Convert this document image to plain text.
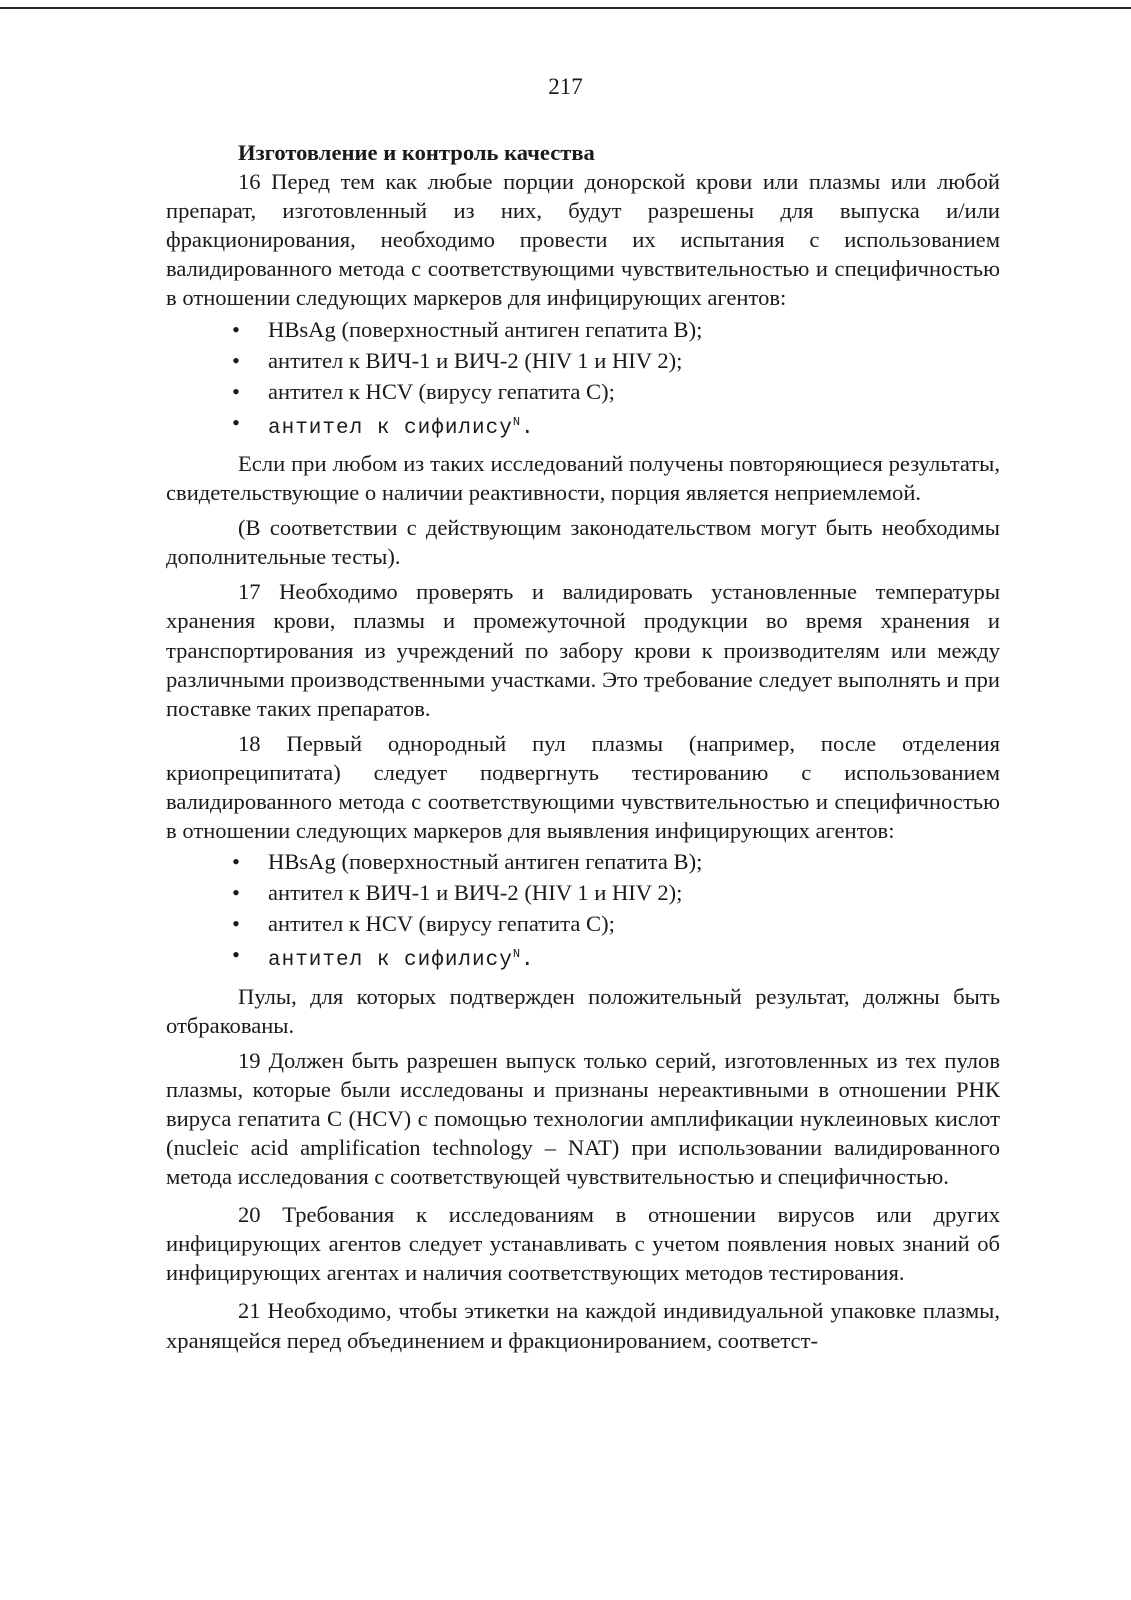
217
Изготовление и контроль качества

16 Перед тем как любые порции донорской крови или плазмы или любой препарат, изготовленный из них, будут разрешены для выпуска и/или фракционирования, необходимо провести их испытания с использованием валидированного метода с соответствующими чувствительностью и специфичностью в отношении следующих маркеров для инфицирующих агентов:

• HBsAg (поверхностный антиген гепатита В);
• антител к ВИЧ-1 и ВИЧ-2 (HIV 1 и HIV 2);
• антител к HCV (вирусу гепатита С);
• антител к сифилису$^N$.

Если при любом из таких исследований получены повторяющиеся результаты, свидетельствующие о наличии реактивности, порция является неприемлемой.

(В соответствии с действующим законодательством могут быть необходимы дополнительные тесты).

17 Необходимо проверять и валидировать установленные температуры хранения крови, плазмы и промежуточной продукции во время хранения и транспортирования из учреждений по забору крови к производителям или между различными производственными участками. Это требование следует выполнять и при поставке таких препаратов.

18 Первый однородный пул плазмы (например, после отделения криопреципитата) следует подвергнуть тестированию с использованием валидированного метода с соответствующими чувствительностью и специфичностью в отношении следующих маркеров для выявления инфицирующих агентов:

• HBsAg (поверхностный антиген гепатита В);
• антител к ВИЧ-1 и ВИЧ-2 (HIV 1 и HIV 2);
• антител к HCV (вирусу гепатита С);
• антител к сифилису$^N$.

Пулы, для которых подтвержден положительный результат, должны быть отбракованы.

19 Должен быть разрешен выпуск только серий, изготовленных из тех пулов плазмы, которые были исследованы и признаны нереактивными в отношении РНК вируса гепатита С (HCV) с помощью технологии амплификации нуклеиновых кислот (nucleic acid amplification technology – NAT) при использовании валидированного метода исследования с соответствующей чувствительностью и специфичностью.

20 Требования к исследованиям в отношении вирусов или других инфицирующих агентов следует устанавливать с учетом появления новых знаний об инфицирующих агентах и наличия соответствующих методов тестирования.

21 Необходимо, чтобы этикетки на каждой индивидуальной упаковке плазмы, хранящейся перед объединением и фракционированием, соответст-
